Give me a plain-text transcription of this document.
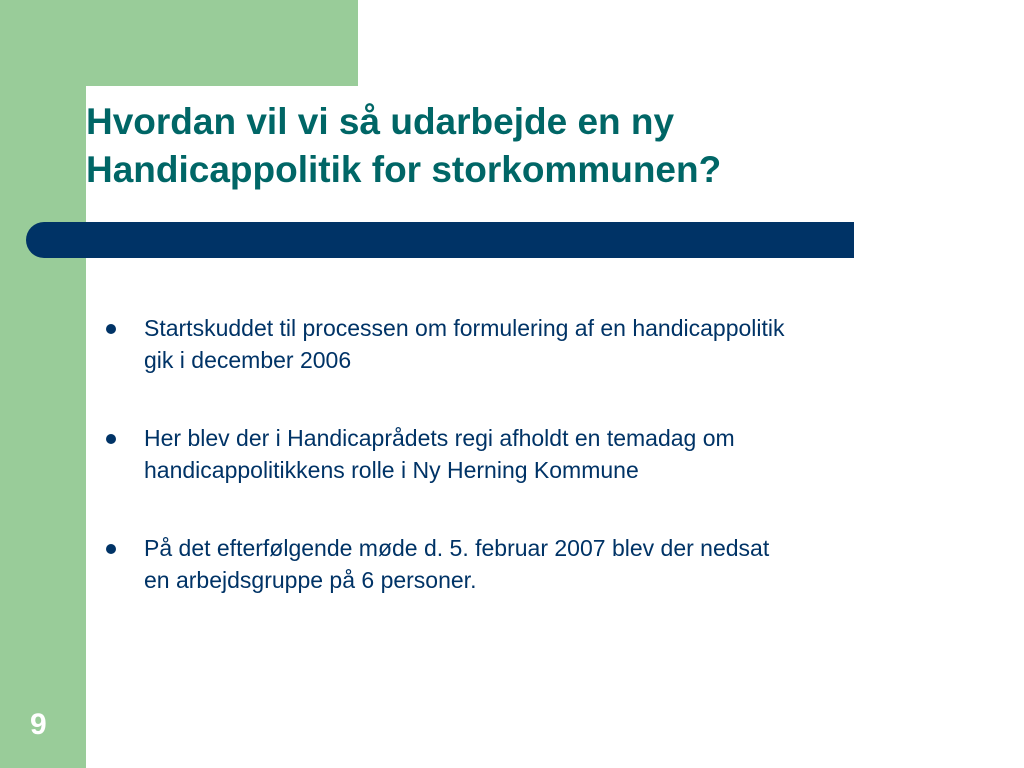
Hvordan vil vi så udarbejde en ny
Handicappolitik for storkommunen?
Startskuddet til processen om formulering af en handicappolitik
gik i december 2006
Her blev der i Handicaprådets regi afholdt en temadag om
handicappolitikkens rolle i Ny Herning Kommune
På det efterfølgende møde d. 5. februar 2007 blev der nedsat
en arbejdsgruppe på 6 personer.
9
